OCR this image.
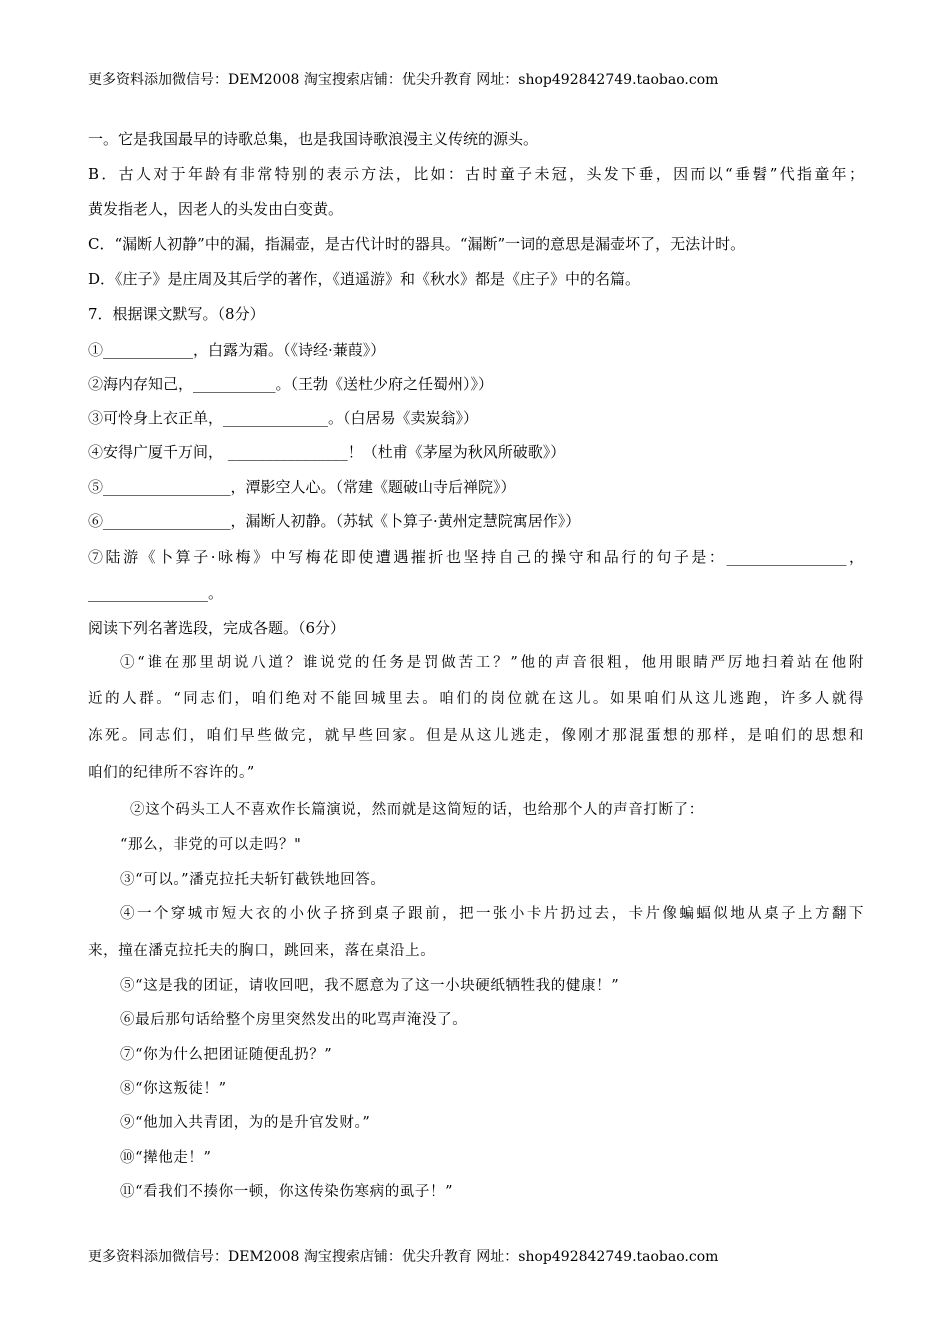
更多资料添加微信号：DEM2008 淘宝搜索店铺：优尖升教育 网址：shop492842749.taobao.com
一。它是我国最早的诗歌总集，也是我国诗歌浪漫主义传统的源头。
B．古人对于年龄有非常特别的表示方法，比如：古时童子未冠，头发下垂，因而以“垂髫”代指童年；
黄发指老人，因老人的头发由白变黄。
C．“漏断人初静”中的漏，指漏壶，是古代计时的器具。“漏断”一词的意思是漏壶坏了，无法计时。
D．《庄子》是庄周及其后学的著作，《逍遥游》和《秋水》都是《庄子》中的名篇。
7．根据课文默写。（8分）
①____________，白露为霜。（《诗经·蒹葭》）
②海内存知己，___________。（王勃《送杜少府之任蜀州）》）
③可怜身上衣正单，______________。（白居易《卖炭翁》）
④安得广厦千万间， ________________！（杜甫《茅屋为秋风所破歌》）
⑤_________________，潭影空人心。（常建《题破山寺后禅院》）
⑥_________________，漏断人初静。（苏轼《卜算子·黄州定慧院寓居作》）
⑦陆游《卜算子·咏梅》中写梅花即使遭遇摧折也坚持自己的操守和品行的句子是：________________，
________________。
阅读下列名著选段，完成各题。（6分）
①“谁在那里胡说八道？谁说党的任务是罚做苦工？”他的声音很粗，他用眼睛严厉地扫着站在他附
近的人群。“同志们，咱们绝对不能回城里去。咱们的岗位就在这儿。如果咱们从这儿逃跑，许多人就得
冻死。同志们，咱们早些做完，就早些回家。但是从这儿逃走，像刚才那混蛋想的那样，是咱们的思想和
咱们的纪律所不容许的。”
②这个码头工人不喜欢作长篇演说，然而就是这简短的话，也给那个人的声音打断了：
“那么，非党的可以走吗？"
③“可以。”潘克拉托夫斩钉截铁地回答。
④一个穿城市短大衣的小伙子挤到桌子跟前，把一张小卡片扔过去，卡片像蝙蝠似地从桌子上方翻下
来，撞在潘克拉托夫的胸口，跳回来，落在桌沿上。
⑤“这是我的团证，请收回吧，我不愿意为了这一小块硬纸牺牲我的健康！”
⑥最后那句话给整个房里突然发出的叱骂声淹没了。
⑦“你为什么把团证随便乱扔？”
⑧“你这叛徒！”
⑨“他加入共青团，为的是升官发财。”
⑩“撵他走！”
⑪“看我们不揍你一顿，你这传染伤寒病的虱子！”
更多资料添加微信号：DEM2008 淘宝搜索店铺：优尖升教育 网址：shop492842749.taobao.com
